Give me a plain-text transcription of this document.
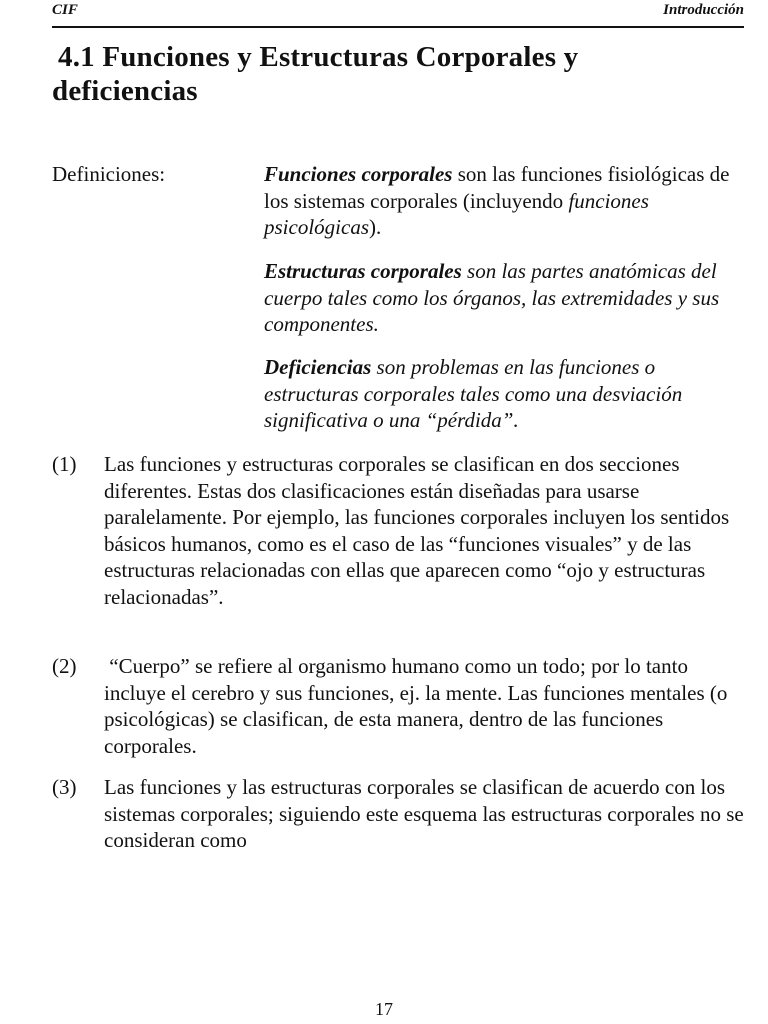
CIF	Introducción
4.1 Funciones y Estructuras Corporales y deficiencias
Definiciones:	Funciones corporales son las funciones fisiológicas de los sistemas corporales (incluyendo funciones psicológicas).

Estructuras corporales son las partes anatómicas del cuerpo tales como los órganos, las extremidades y sus componentes.

Deficiencias son problemas en las funciones o estructuras corporales tales como una desviación significativa o una “pérdida”.

(1) Las funciones y estructuras corporales se clasifican en dos secciones diferentes. Estas dos clasificaciones están diseñadas para usarse paralelamente. Por ejemplo, las funciones corporales incluyen los sentidos básicos humanos, como es el caso de las “funciones visuales” y de las estructuras relacionadas con ellas que aparecen como “ojo y estructuras relacionadas”.

(2) “Cuerpo” se refiere al organismo humano como un todo; por lo tanto incluye el cerebro y sus funciones, ej. la mente. Las funciones mentales (o psicológicas) se clasifican, de esta manera, dentro de las funciones corporales.

(3) Las funciones y las estructuras corporales se clasifican de acuerdo con los sistemas corporales; siguiendo este esquema las estructuras corporales no se consideran como

17
